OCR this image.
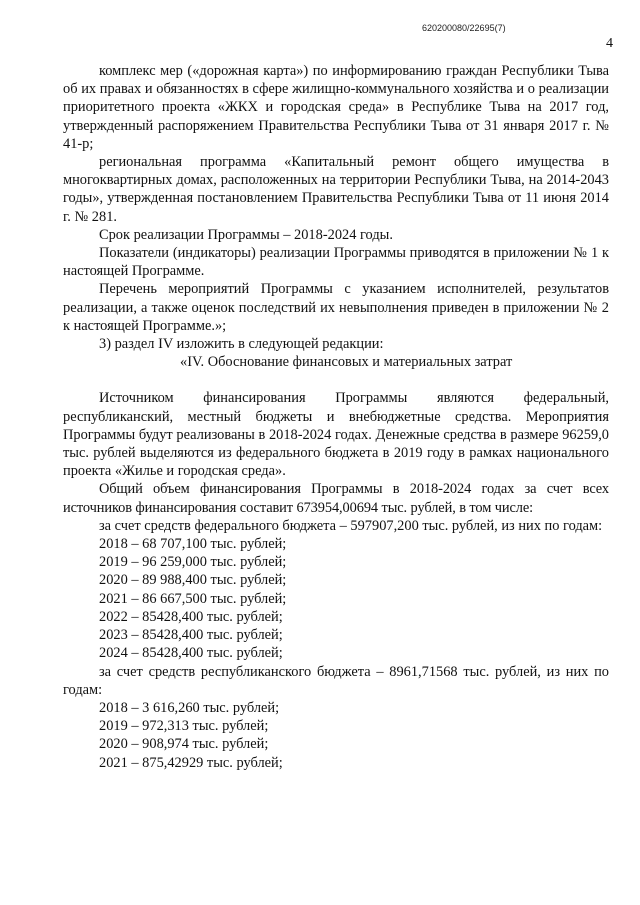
620200080/22695(7)
4

комплекс мер («дорожная карта») по информированию граждан Республики Тыва об их правах и обязанностях в сфере жилищно-коммунального хозяйства и о реализации приоритетного проекта «ЖКХ и городская среда» в Республике Тыва на 2017 год, утвержденный распоряжением Правительства Республики Тыва от 31 января 2017 г. № 41-р;

региональная программа «Капитальный ремонт общего имущества в многоквартирных домах, расположенных на территории Республики Тыва, на 2014-2043 годы», утвержденная постановлением Правительства Республики Тыва от 11 июня 2014 г. № 281.

Срок реализации Программы – 2018-2024 годы.

Показатели (индикаторы) реализации Программы приводятся в приложении № 1 к настоящей Программе.

Перечень мероприятий Программы с указанием исполнителей, результатов реализации, а также оценок последствий их невыполнения приведен в приложении № 2 к настоящей Программе.»;

3) раздел IV изложить в следующей редакции:

«IV. Обоснование финансовых и материальных затрат

Источником финансирования Программы являются федеральный, республиканский, местный бюджеты и внебюджетные средства. Мероприятия Программы будут реализованы в 2018-2024 годах. Денежные средства в размере 96259,0 тыс. рублей выделяются из федерального бюджета в 2019 году в рамках национального проекта «Жилье и городская среда».

Общий объем финансирования Программы в 2018-2024 годах за счет всех источников финансирования составит 673954,00694 тыс. рублей, в том числе:

за счет средств федерального бюджета – 597907,200 тыс. рублей, из них по годам:

2018 – 68 707,100 тыс. рублей;

2019 – 96 259,000 тыс. рублей;

2020 – 89 988,400 тыс. рублей;

2021 – 86 667,500 тыс. рублей;

2022 – 85428,400 тыс. рублей;

2023 – 85428,400 тыс. рублей;

2024 – 85428,400 тыс. рублей;

за счет средств республиканского бюджета – 8961,71568 тыс. рублей, из них по годам:

2018 – 3 616,260 тыс. рублей;

2019 – 972,313 тыс. рублей;

2020 – 908,974 тыс. рублей;

2021 – 875,42929 тыс. рублей;
